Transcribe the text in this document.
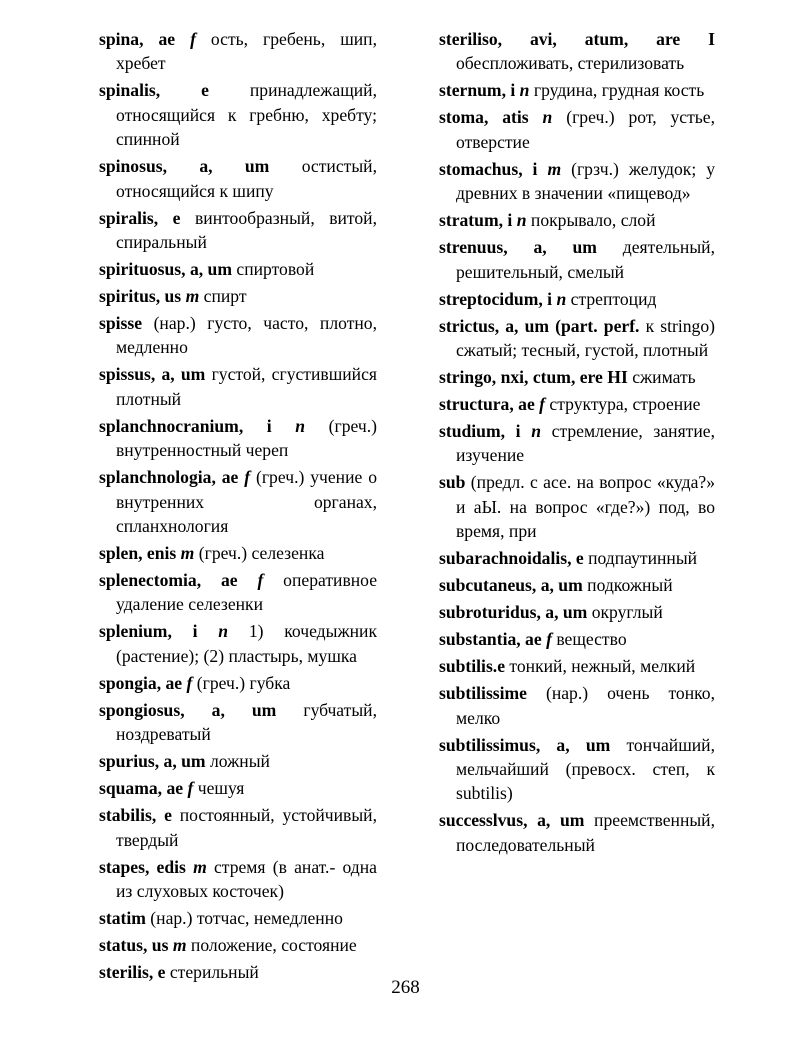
spina, ae f ость, гребень, шип, хребет
spinalis, е принадлежащий, относящийся к гребню, хребту; спинной
spinosus, а, um остистый, относящийся к шипу
spiralis, е винтообразный, витой, спиральный
spirituosus, a, um спиртовой
spiritus, us m спирт
spisse (нар.) густо, часто, плотно, медленно
spissus, a, um густой, сгустившийся плотный
splanchnocranium, i n (греч.) внутренностный череп
splanchnologia, ae f (греч.) учение о внутренних органах, спланхнология
splen, enis m (греч.) селезенка
splenectomia, ae f оперативное удаление селезенки
splenium, i n 1) кочедыжник (растение); (2) пластырь, мушка
spongia, ae f (греч.) губка
spongiosus, a, um губчатый, ноздреватый
spurius, a, um ложный
squama, ae f чешуя
stabilis, е постоянный, устойчивый, твердый
stapes, edis m стремя (в анат.- одна из слуховых косточек)
statim (нар.) тотчас, немедленно
status, us m положение, состояние
sterilis, е стерильный
steriliso, avi, atum, are I обеспложивать, стерилизовать
sternum, i n грудина, грудная кость
stoma, atis n (греч.) рот, устье, отверстие
stomachus, i m (грзч.) желудок; у древних в значении «пищевод»
stratum, i n покрывало, слой
strenuus, a, um деятельный, решительный, смелый
streptocidum, i n стрептоцид
strictus, a, um (part. perf. к stringo) сжатый; тесный, густой, плотный
stringo, nxi, ctum, ere HI сжимать
structura, ae f структура, строение
studium, i n стремление, занятие, изучение
sub (предл. с асе. на вопрос «куда?» и аЫ. на вопрос «где?») под, во время, при
subarachnoidalis, е подпаутинный
subcutaneus, a, um подкожный
subroturidus, a, um округлый
substantia, ae f вещество
subtilis.e тонкий, нежный, мелкий
subtilissime (нар.) очень тонко, мелко
subtilissimus, a, um тончайший, мельчайший (превосх. степ, к subtilis)
successlvus, a, um преемственный, последовательный
268
